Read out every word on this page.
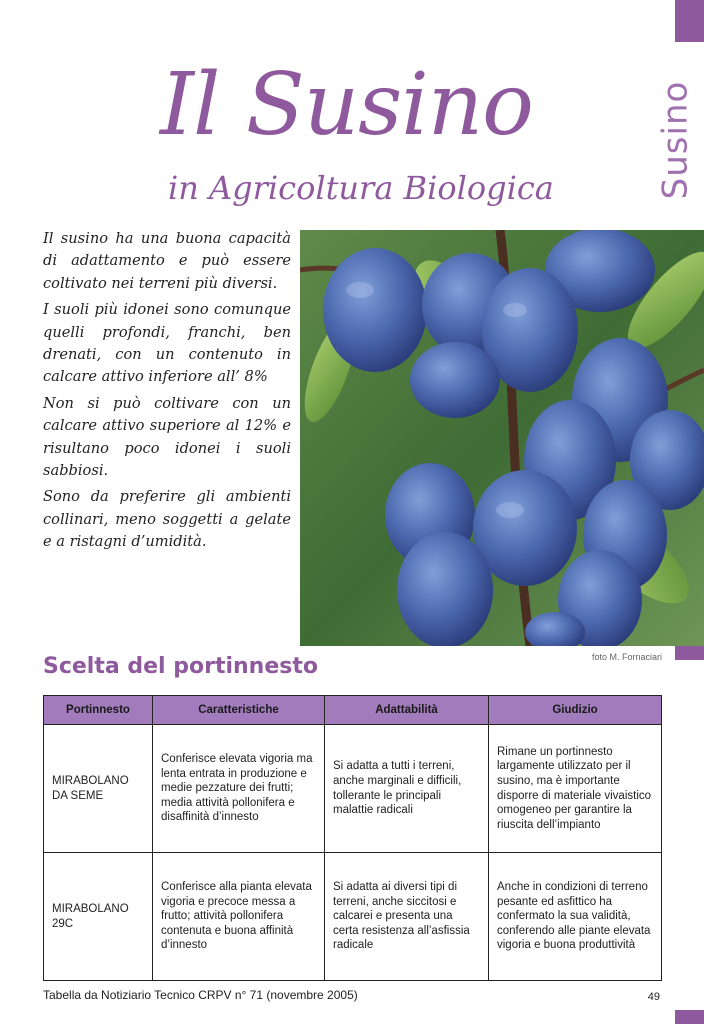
Susino
Il Susino
in Agricoltura Biologica

Il susino ha una buona capacità di adattamento e può essere coltivato nei terreni più diversi.

I suoli più idonei sono comunque quelli profondi, franchi, ben drenati, con un contenuto in calcare attivo inferiore all’ 8%

Non si può coltivare con un calcare attivo superiore al 12% e risultano poco idonei i suoli sabbiosi.

Sono da preferire gli ambienti collinari, meno soggetti a gelate e a ristagni d’umidità.

foto M. Fornaciari
Scelta del portinnesto
Portinnesto	Caratteristiche	Adattabilità	Giudizio
MIRABOLANO DA SEME	Conferisce elevata vigoria ma lenta entrata in produzione e medie pezzature dei frutti; media attività pollonifera e disaffinità d’innesto	Si adatta a tutti i terreni, anche marginali e difficili, tollerante le principali malattie radicali	Rimane un portinnesto largamente utilizzato per il susino, ma è importante disporre di materiale vivaistico omogeneo per garantire la riuscita dell’impianto
MIRABOLANO 29C	Conferisce alla pianta elevata vigoria e precoce messa a frutto; attività pollonifera contenuta e buona affinità d’innesto	Si adatta ai diversi tipi di terreni, anche siccitosi e calcarei e presenta una certa resistenza all’asfissia radicale	Anche in condizioni di terreno pesante ed asfittico ha confermato la sua validità, conferendo alle piante elevata vigoria e buona produttività
Tabella da Notiziario Tecnico CRPV n° 71 (novembre 2005)	49
